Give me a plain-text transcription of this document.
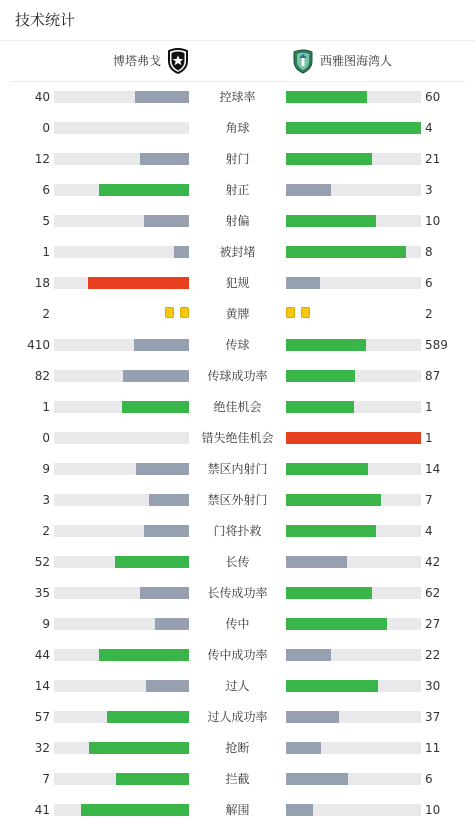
技术统计
博塔弗戈	西雅图海湾人
40	控球率	60
0	角球	4
12	射门	21
6	射正	3
5	射偏	10
1	被封堵	8
18	犯规	6
2	黄牌	2
410	传球	589
82	传球成功率	87
1	绝佳机会	1
0	错失绝佳机会	1
9	禁区内射门	14
3	禁区外射门	7
2	门将扑救	4
52	长传	42
35	长传成功率	62
9	传中	27
44	传中成功率	22
14	过人	30
57	过人成功率	37
32	抢断	11
7	拦截	6
41	解围	10
